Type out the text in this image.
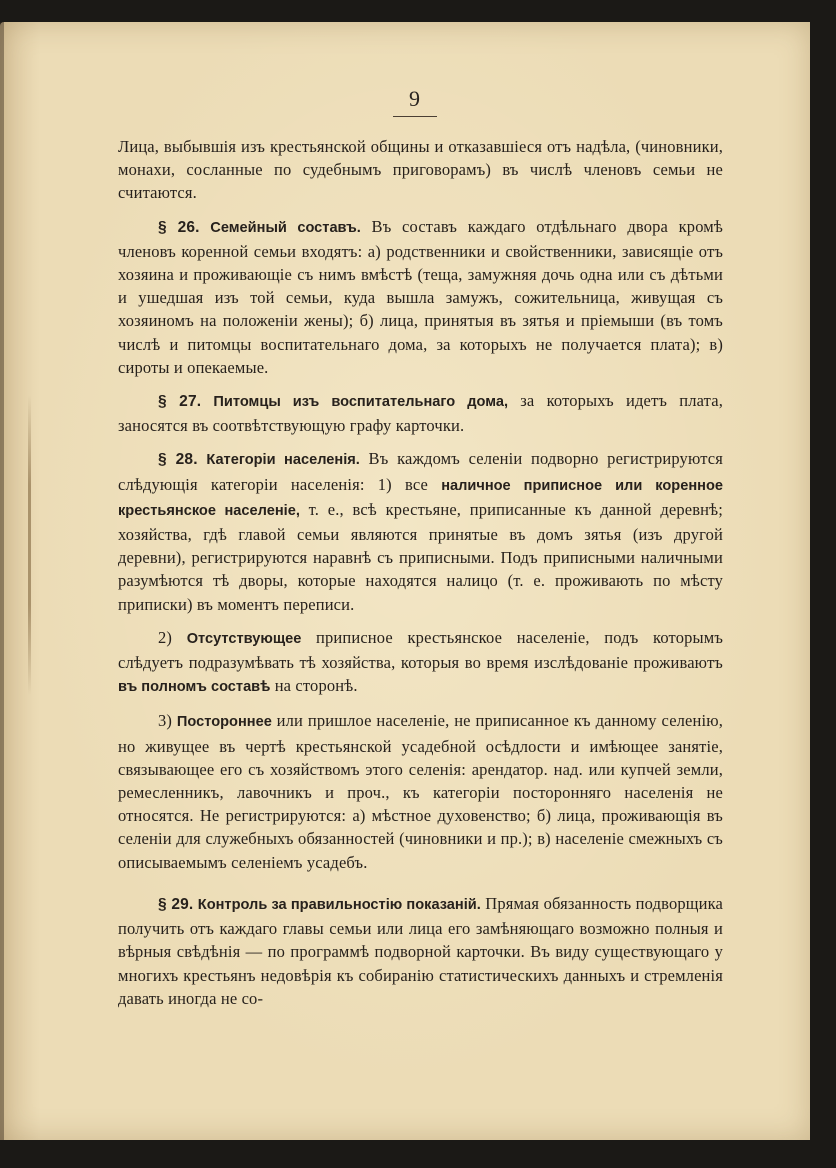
9

Лица, выбывшія изъ крестьянской общины и отказавшіеся отъ надѣла, (чиновники, монахи, сосланные по судебнымъ приговорамъ) въ числѣ членовъ семьи не считаются.

§ 26. Семейный составъ. Въ составъ каждаго отдѣльнаго двора кромѣ членовъ коренной семьи входятъ: а) родственники и свойственники, зависящіе отъ хозяина и проживающіе съ нимъ вмѣстѣ (теща, замужняя дочь одна или съ дѣтьми и ушедшая изъ той семьи, куда вышла замужъ, сожительница, живущая съ хозяиномъ на положеніи жены); б) лица, принятыя въ зятья и пріемыши (въ томъ числѣ и питомцы воспитательнаго дома, за которыхъ не получается плата); в) сироты и опекаемые.

§ 27. Питомцы изъ воспитательнаго дома, за которыхъ идетъ плата, заносятся въ соотвѣтствующую графу карточки.

§ 28. Категоріи населенія. Въ каждомъ селеніи подворно регистрируются слѣдующія категоріи населенія: 1) все наличное приписное или коренное крестьянское населеніе, т. е., всѣ крестьяне, приписанные къ данной деревнѣ; хозяйства, гдѣ главой семьи являются принятые въ домъ зятья (изъ другой деревни), регистрируются наравнѣ съ приписными. Подъ приписными наличными разумѣются тѣ дворы, которые находятся налицо (т. е. проживають по мѣсту приписки) въ моментъ переписи.

2) Отсутствующее приписное крестьянское населеніе, подъ которымъ слѣдуетъ подразумѣвать тѣ хозяйства, которыя во время изслѣдованіе проживаютъ въ полномъ составѣ на сторонѣ.

3) Постороннее или пришлое населеніе, не приписанное къ данному селенію, но живущее въ чертѣ крестьянской усадебной осѣдлости и имѣющее занятіе, связывающее его съ хозяйствомъ этого селенія: арендатор. над. или купчей земли, ремесленникъ, лавочникъ и проч., къ категоріи посторонняго населенія не относятся. Не регистрируются: а) мѣстное духовенство; б) лица, проживающія въ селеніи для служебныхъ обязанностей (чиновники и пр.); в) населеніе смежныхъ съ описываемымъ селеніемъ усадебъ.

§ 29. Контроль за правильностію показаній. Прямая обязанность подворщика получить отъ каждаго главы семьи или лица его замѣняющаго возможно полныя и вѣрныя свѣдѣнія — по программѣ подворной карточки. Въ виду существующаго у многихъ крестьянъ недовѣрія къ собиранію статистическихъ данныхъ и стремленія давать иногда не со-
